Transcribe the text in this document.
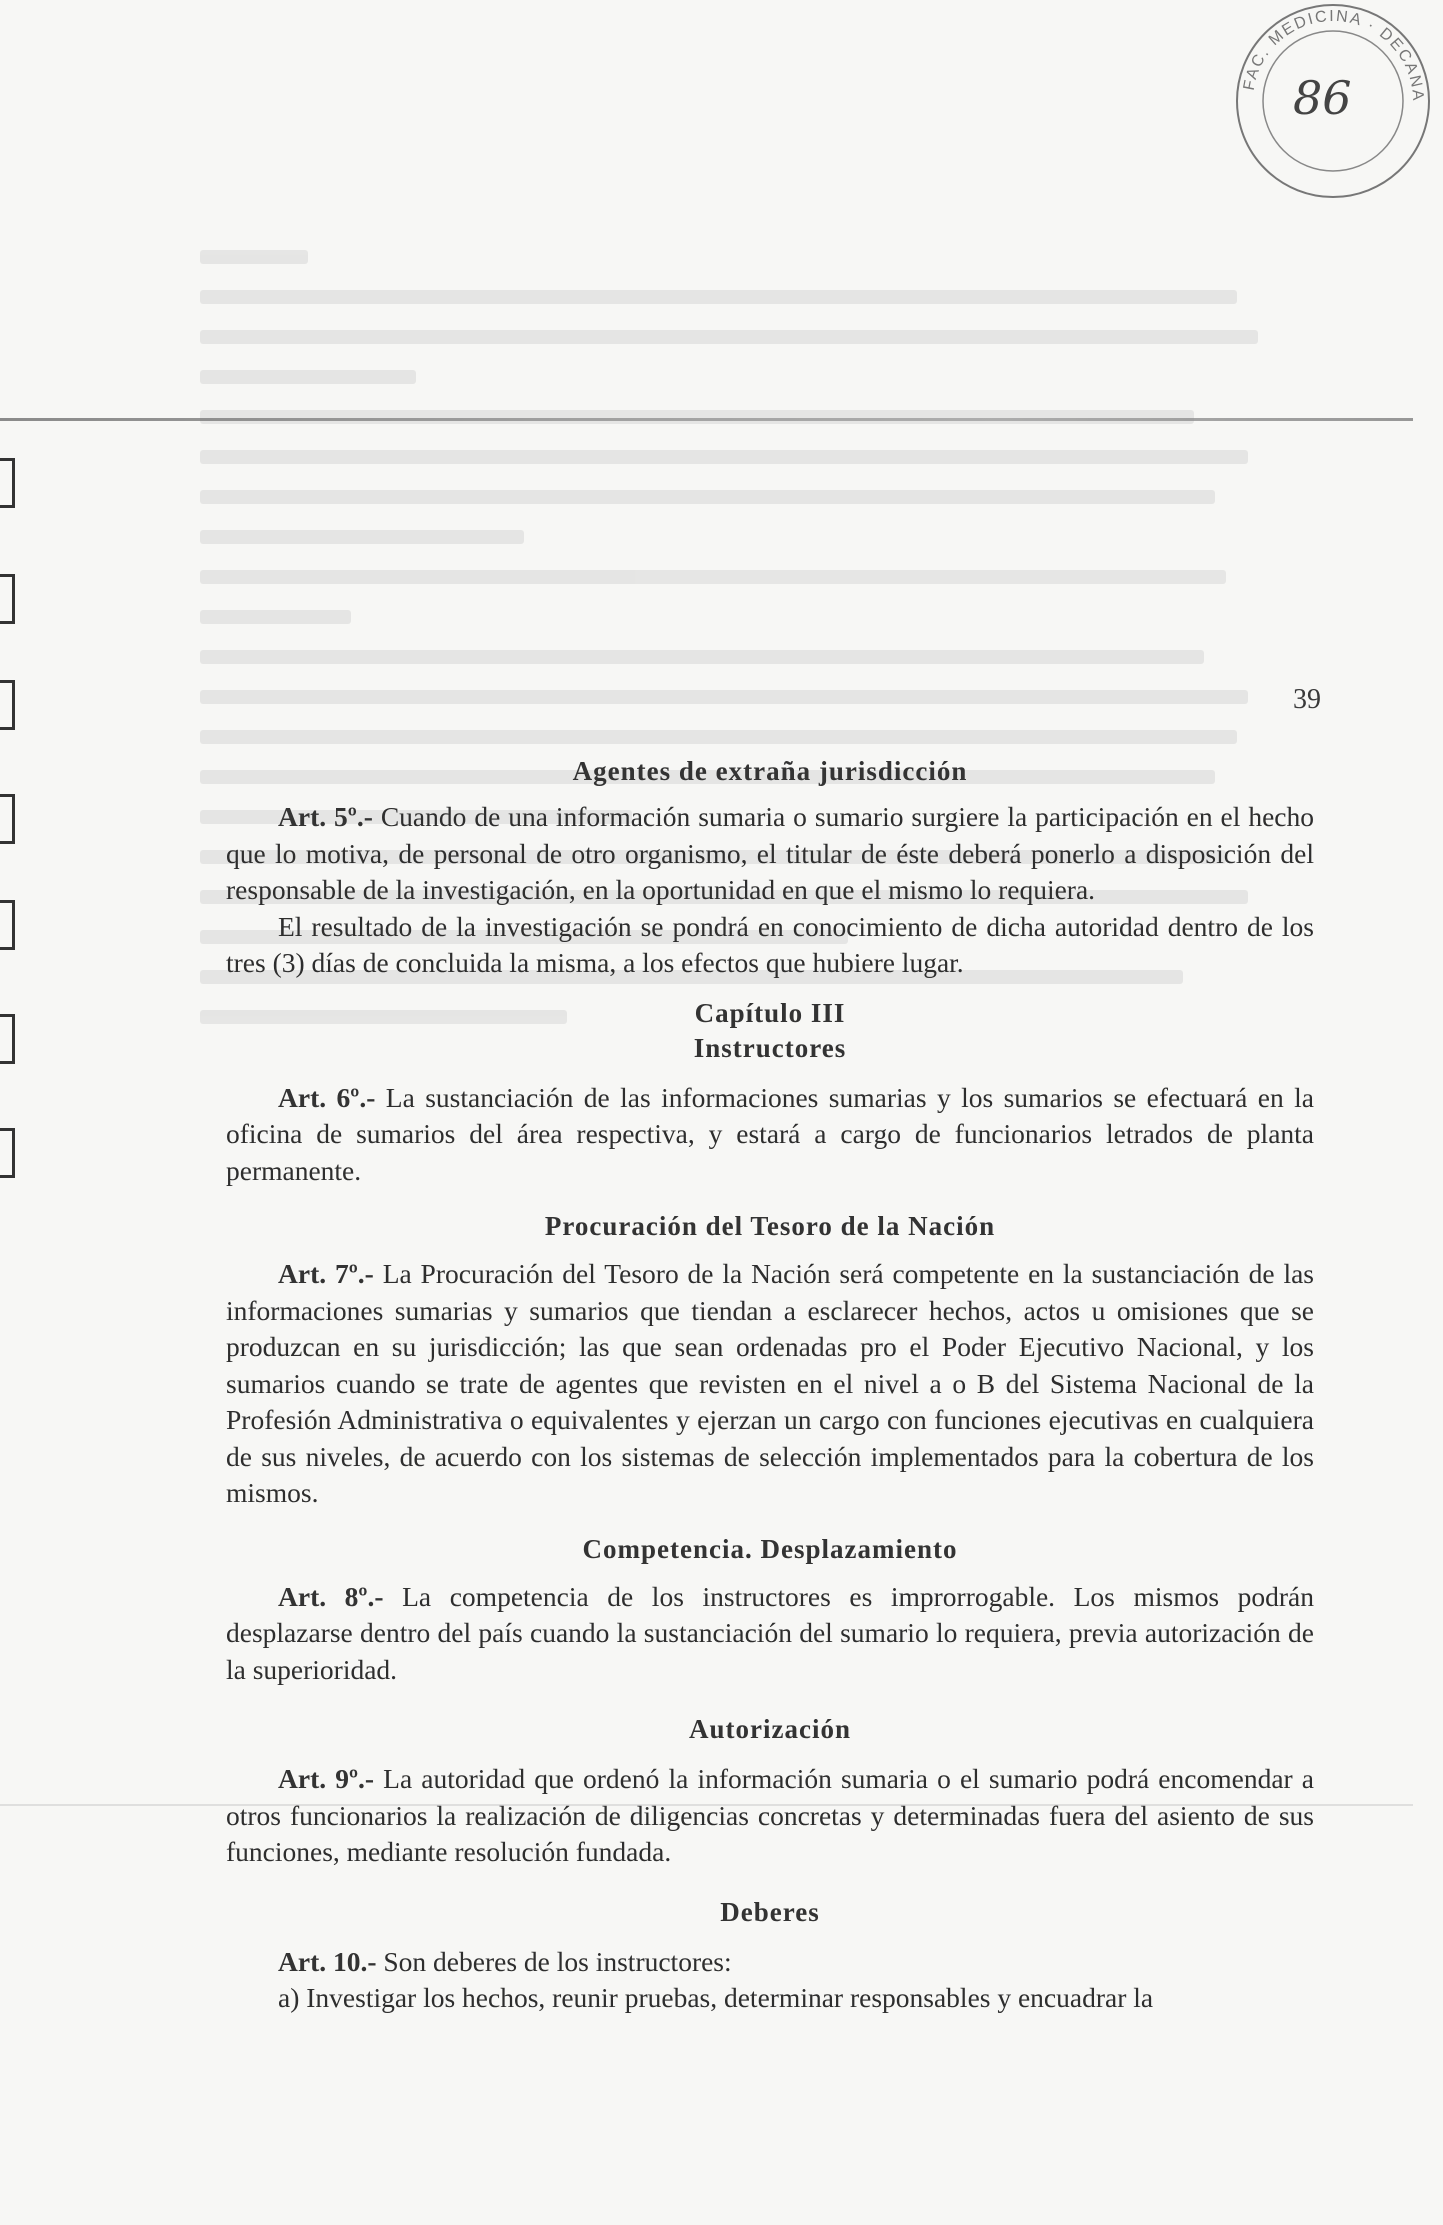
FAC. MEDICINA · DECANA
86
39
Agentes de extraña jurisdicción

Art. 5º.- Cuando de una información sumaria o sumario surgiere la participación en el hecho que lo motiva, de personal de otro organismo, el titular de éste deberá ponerlo a disposición del responsable de la investigación, en la oportunidad en que el mismo lo requiera.

El resultado de la investigación se pondrá en conocimiento de dicha autoridad dentro de los tres (3) días de concluida la misma, a los efectos que hubiere lugar.

Capítulo III
Instructores

Art. 6º.- La sustanciación de las informaciones sumarias y los sumarios se efectuará en la oficina de sumarios del área respectiva, y estará a cargo de funcionarios letrados de planta permanente.

Procuración del Tesoro de la Nación

Art. 7º.- La Procuración del Tesoro de la Nación será competente en la sustanciación de las informaciones sumarias y sumarios que tiendan a esclarecer hechos, actos u omisiones que se produzcan en su jurisdicción; las que sean ordenadas pro el Poder Ejecutivo Nacional, y los sumarios cuando se trate de agentes que revisten en el nivel a o B del Sistema Nacional de la Profesión Administrativa o equivalentes y ejerzan un cargo con funciones ejecutivas en cualquiera de sus niveles, de acuerdo con los sistemas de selección implementados para la cobertura de los mismos.

Competencia. Desplazamiento

Art. 8º.- La competencia de los instructores es improrrogable. Los mismos podrán desplazarse dentro del país cuando la sustanciación del sumario lo requiera, previa autorización de la superioridad.

Autorización

Art. 9º.- La autoridad que ordenó la información sumaria o el sumario podrá encomendar a otros funcionarios la realización de diligencias concretas y determinadas fuera del asiento de sus funciones, mediante resolución fundada.

Deberes

Art. 10.- Son deberes de los instructores:

a) Investigar los hechos, reunir pruebas, determinar responsables y encuadrar la
